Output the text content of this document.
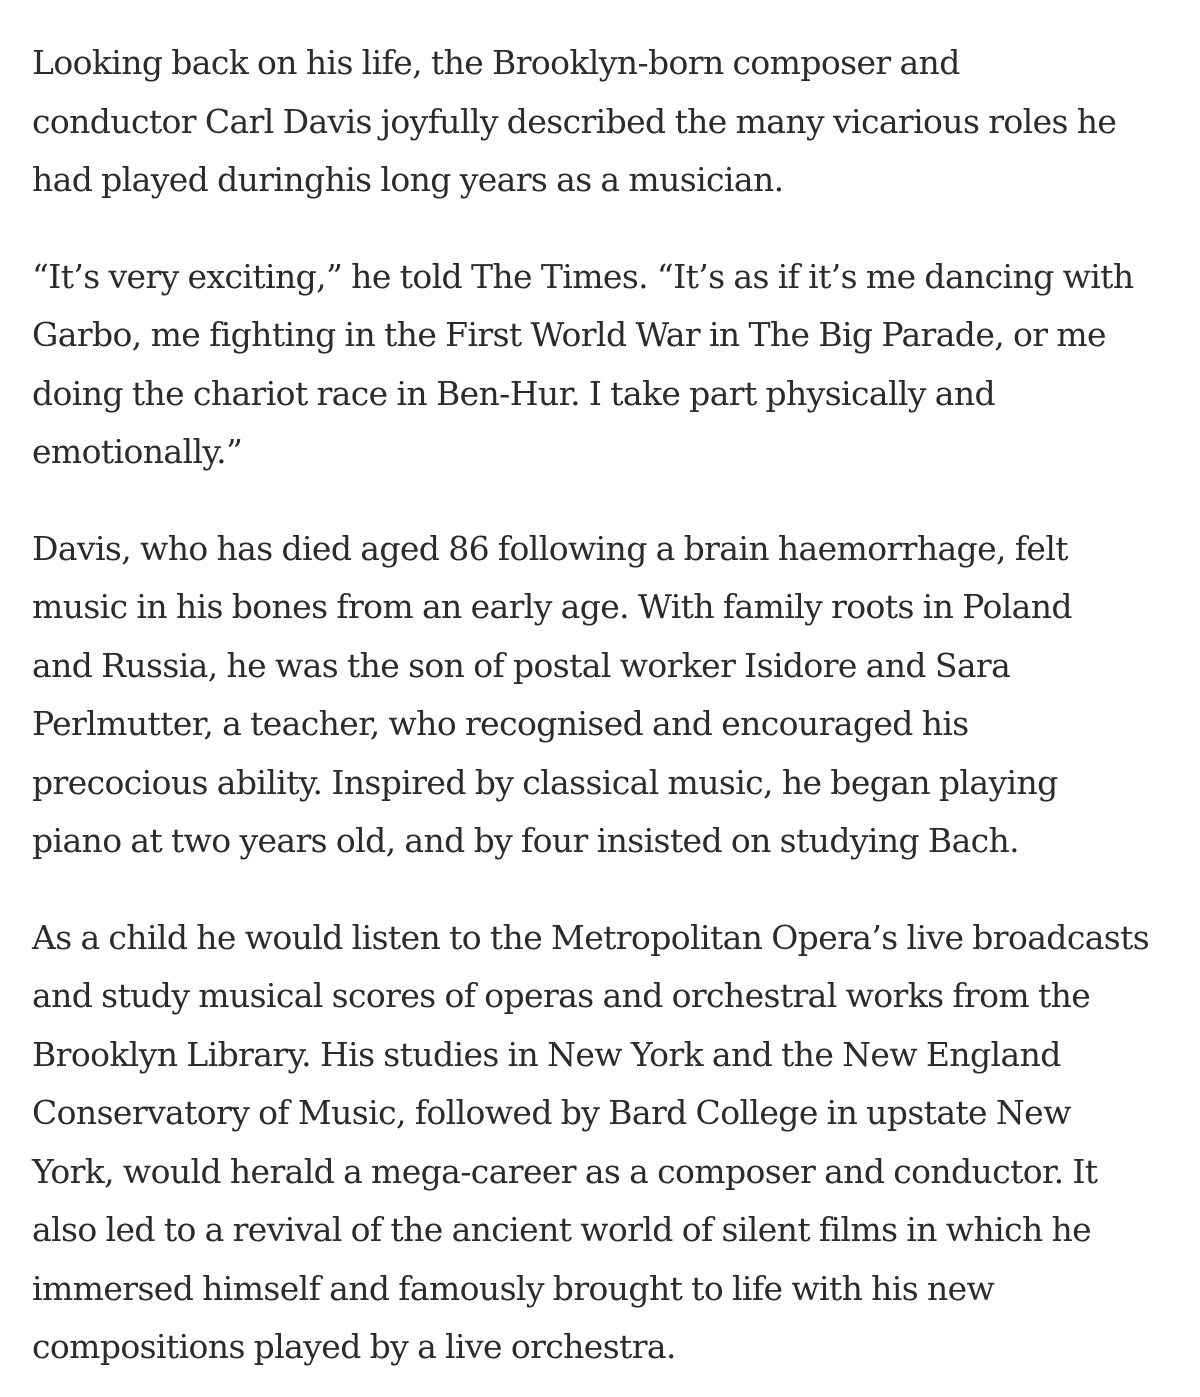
Looking back on his life, the Brooklyn-born composer and
conductor Carl Davis joyfully described the many vicarious roles he
had played duringhis long years as a musician.

“It’s very exciting,” he told The Times. “It’s as if it’s me dancing with
Garbo, me fighting in the First World War in The Big Parade, or me
doing the chariot race in Ben-Hur. I take part physically and
emotionally.”

Davis, who has died aged 86 following a brain haemorrhage, felt
music in his bones from an early age. With family roots in Poland
and Russia, he was the son of postal worker Isidore and Sara
Perlmutter, a teacher, who recognised and encouraged his
precocious ability. Inspired by classical music, he began playing
piano at two years old, and by four insisted on studying Bach.

As a child he would listen to the Metropolitan Opera’s live broadcasts
and study musical scores of operas and orchestral works from the
Brooklyn Library. His studies in New York and the New England
Conservatory of Music, followed by Bard College in upstate New
York, would herald a mega-career as a composer and conductor. It
also led to a revival of the ancient world of silent films in which he
immersed himself and famously brought to life with his new
compositions played by a live orchestra.
